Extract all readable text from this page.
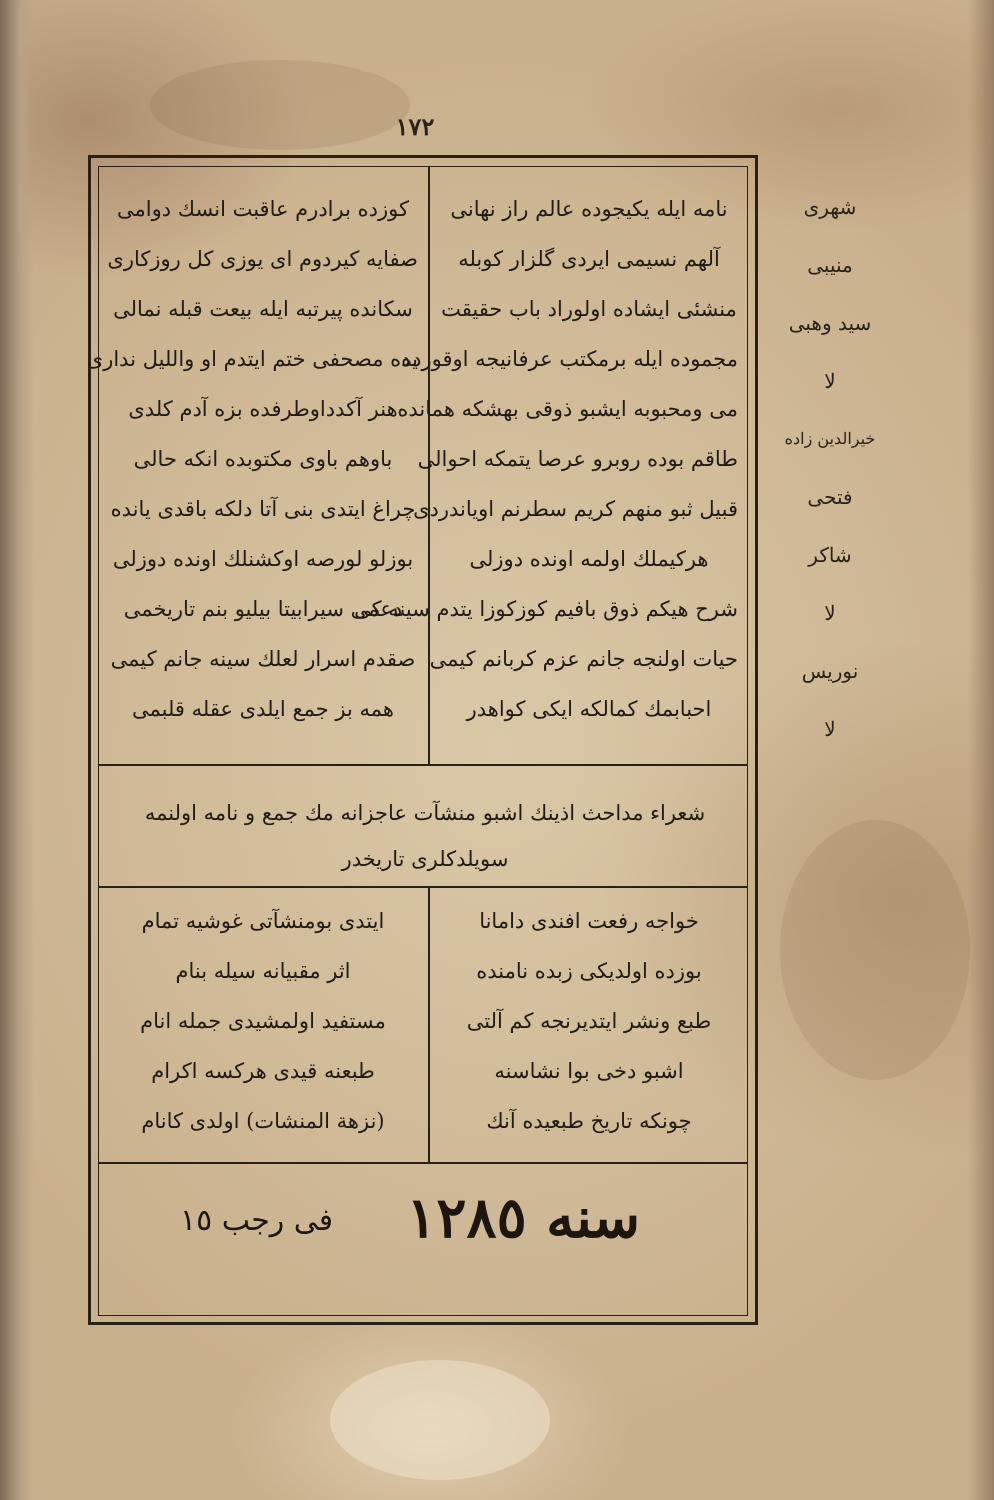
١٧٢
نامه ایله یکیجوده عالم راز نهانی
آلهم نسیمی ایردی گلزار کوبله
منشئی ایشاده اولوراد باب حقیقت
مجموده ایله برمکتب عرفانیجه اوقورده
می ومحبوبه ایشبو ذوقی بهشکه همانده
طاقم بوده روبرو عرصا یتمکه احوالی
قبیل ثبو منهم کریم سطرنم اویاندردی
هرکیملك اولمه اونده دوزلی
شرح هیکم ذوق بافیم کوزکوزا یتدم سینه کی
حیات اولنجه جانم عزم کربانم کیمی
احبابمك کمالکه ایکی کواهدر
کوزده برادرم عاقبت انسك دوامی
صفایه کیردوم ای یوزی کل روزکاری
سکانده پیرتبه ایله بیعت قبله نمالی
یده مصحفی ختم ایتدم او واللیل نداری
هنر آکدداوطرفده بزه آدم کلدی
باوهم باوی مکتوبده انکه حالی
چراغ ایتدی بنی آتا دلکه باقدی یانده
بوزلو لورصه اوکشنلك اونده دوزلی
دعمی سیرابیتا بیلیو بنم تاریخمی
صقدم اسرار لعلك سینه جانم کیمی
همه بز جمع ایلدی عقله قلبمی
شعراء مداحث اذینك اشبو منشآت عاجزانه مك جمع و نامه اولنمه
سویلدکلری تاریخدر
خواجه رفعت افندی دامانا
بوزده اولدیکی زبده نامنده
طبع ونشر ایتدیرنجه کم آلتی
اشبو دخی بوا نشاسنه
چونکه تاریخ طبعیده آنك
ایتدی بومنشآتی غوشیه تمام
اثر مقبیانه سیله بنام
مستفید اولمشیدی جمله انام
طبعنه قیدی هرکسه اکرام
(نزهة المنشات) اولدی کانام
سنه ١٢٨٥
فی رجب ١٥
شهری
منیبی
سید وهبی
لا
خیرالدین زاده
فتحی
شاکر
لا
نوریس
لا
